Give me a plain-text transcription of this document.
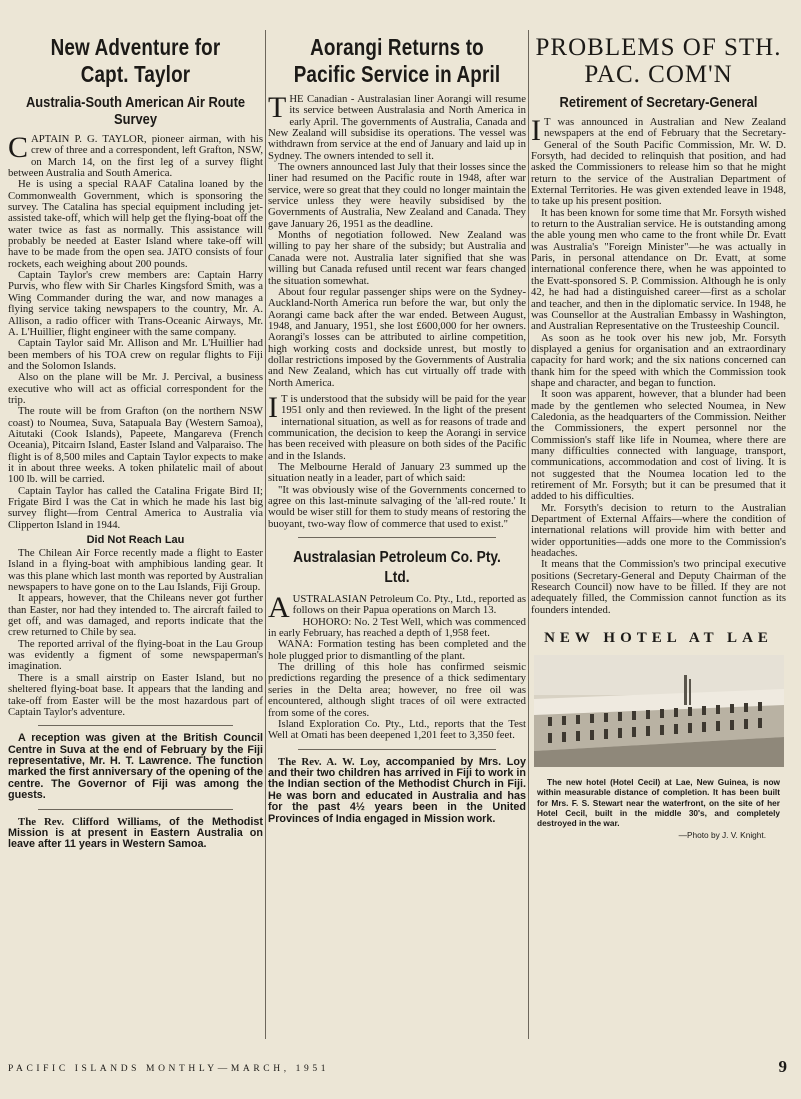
New Adventure for Capt. Taylor
Australia-South American Air Route Survey

CAPTAIN P. G. TAYLOR, pioneer airman, with his crew of three and a correspondent, left Grafton, NSW, on March 14, on the first leg of a survey flight between Australia and South America.

He is using a special RAAF Catalina loaned by the Commonwealth Government, which is sponsoring the survey. The Catalina has special equipment including jet-assisted take-off, which will help get the flying-boat off the water twice as fast as normally. This assistance will probably be needed at Easter Island where take-off will have to be made from the open sea. JATO consists of four rockets, each weighing about 200 pounds.

Captain Taylor's crew members are: Captain Harry Purvis, who flew with Sir Charles Kingsford Smith, was a Wing Commander during the war, and now manages a flying service taking newspapers to the country, Mr. A. Allison, a radio officer with Trans-Oceanic Airways, Mr. A. L'Huillier, flight engineer with the same company.

Captain Taylor said Mr. Allison and Mr. L'Huillier had been members of his TOA crew on regular flights to Fiji and the Solomon Islands.

Also on the plane will be Mr. J. Percival, a business executive who will act as official correspondent for the trip.

The route will be from Grafton (on the northern NSW coast) to Noumea, Suva, Satapuala Bay (Western Samoa), Aitutaki (Cook Islands), Papeete, Mangareva (French Oceania), Pitcairn Island, Easter Island and Valparaiso. The flight is of 8,500 miles and Captain Taylor expects to make it in about three weeks. A token philatelic mail of about 100 lb. will be carried.

Captain Taylor has called the Catalina Frigate Bird II; Frigate Bird I was the Cat in which he made his last big survey flight—from Central America to Australia via Clipperton Island in 1944.

Did Not Reach Lau

The Chilean Air Force recently made a flight to Easter Island in a flying-boat with amphibious landing gear. It was this plane which last month was reported by Australian newspapers to have gone on to the Lau Islands, Fiji Group.

It appears, however, that the Chileans never got further than Easter, nor had they intended to. The aircraft failed to get off, and was damaged, and reports indicate that the crew returned to Chile by sea.

The reported arrival of the flying-boat in the Lau Group was evidently a figment of some newspaperman's imagination.

There is a small airstrip on Easter Island, but no sheltered flying-boat base. It appears that the landing and take-off from Easter will be the most hazardous part of Captain Taylor's adventure.

A reception was given at the British Council Centre in Suva at the end of February by the Fiji representative, Mr. H. T. Lawrence. The function marked the first anniversary of the opening of the centre. The Governor of Fiji was among the guests.

The Rev. Clifford Williams, of the Methodist Mission is at present in Eastern Australia on leave after 11 years in Western Samoa.

Aorangi Returns to Pacific Service in April

THE Canadian - Australasian liner Aorangi will resume its service between Australasia and North America in early April. The governments of Australia, Canada and New Zealand will subsidise its operations. The vessel was withdrawn from service at the end of January and laid up in Sydney. The owners intended to sell it.

The owners announced last July that their losses since the liner had resumed on the Pacific route in 1948, after war service, were so great that they could no longer maintain the service unless they were heavily subsidised by the Governments of Australia, New Zealand and Canada. They gave January 26, 1951 as the deadline.

Months of negotiation followed. New Zealand was willing to pay her share of the subsidy; but Australia and Canada were not. Australia later signified that she was willing but Canada refused until recent war fears changed the situation somewhat.

About four regular passenger ships were on the Sydney-Auckland-North America run before the war, but only the Aorangi came back after the war ended. Between August, 1948, and January, 1951, she lost £600,000 for her owners. Aorangi's losses can be attributed to airline competition, high working costs and dockside unrest, but mostly to dollar restrictions imposed by the Governments of Australia and New Zealand, which has cut virtually off trade with North America.

I T is understood that the subsidy will be paid for the year 1951 only and then reviewed. In the light of the present international situation, as well as for reasons of trade and communication, the decision to keep the Aorangi in service has been received with pleasure on both sides of the Pacific and in the Islands.

The Melbourne Herald of January 23 summed up the situation neatly in a leader, part of which said:

"It was obviously wise of the Governments concerned to agree on this last-minute salvaging of the 'all-red route.' It would be wiser still for them to study means of restoring the buoyant, two-way flow of commerce that used to exist."

Australasian Petroleum Co. Pty. Ltd.

AUSTRALASIAN Petroleum Co. Pty., Ltd., reported as follows on their Papua operations on March 13.

HOHORO: No. 2 Test Well, which was commenced in early February, has reached a depth of 1,958 feet.

WANA: Formation testing has been completed and the hole plugged prior to dismantling of the plant.

The drilling of this hole has confirmed seismic predictions regarding the presence of a thick sedimentary series in the Delta area; however, no free oil was encountered, although slight traces of oil were extracted from some of the cores.

Island Exploration Co. Pty., Ltd., reports that the Test Well at Omati has been deepened 1,201 feet to 3,350 feet.

The Rev. A. W. Loy, accompanied by Mrs. Loy and their two children has arrived in Fiji to work in the Indian section of the Methodist Church in Fiji. He was born and educated in Australia and has for the past 4½ years been in the United Provinces of India engaged in Mission work.

PROBLEMS OF STH. PAC. COM'N
Retirement of Secretary-General

I T was announced in Australian and New Zealand newspapers at the end of February that the Secretary-General of the South Pacific Commission, Mr. W. D. Forsyth, had decided to relinquish that position, and had asked the Commissioners to release him so that he might return to the service of the Australian Department of External Territories. He was given extended leave in 1948, to take up his present position.

It has been known for some time that Mr. Forsyth wished to return to the Australian service. He is outstanding among the able young men who came to the front while Dr. Evatt was Australia's "Foreign Minister"—he was actually in Paris, in personal attendance on Dr. Evatt, at some international conference there, when he was appointed to the Evatt-sponsored S. P. Commission. Although he is only 42, he had had a distinguished career—first as a scholar and teacher, and then in the diplomatic service. In 1948, he was Counsellor at the Australian Embassy in Washington, and Australian Representative on the Trusteeship Council.

As soon as he took over his new job, Mr. Forsyth displayed a genius for organisation and an extraordinary capacity for hard work; and the six nations concerned can thank him for the speed with which the Commission took shape and character, and began to function.

It soon was apparent, however, that a blunder had been made by the gentlemen who selected Noumea, in New Caledonia, as the headquarters of the Commission. Neither the Commissioners, the expert personnel nor the Commission's staff like life in Noumea, where there are many difficulties connected with language, transport, communications, accommodation and cost of living. It is not suggested that the Noumea location led to the retirement of Mr. Forsyth; but it can be presumed that it added to his difficulties.

Mr. Forsyth's decision to return to the Australian Department of External Affairs—where the condition of international relations will provide him with better and wider opportunities—adds one more to the Commission's headaches.

It means that the Commission's two principal executive positions (Secretary-General and Deputy Chairman of the Research Council) now have to be filled. If they are not adequately filled, the Commission cannot function as its founders intended.

NEW HOTEL AT LAE

The new hotel (Hotel Cecil) at Lae, New Guinea, is now within measurable distance of completion. It has been built for Mrs. F. S. Stewart near the waterfront, on the site of her Hotel Cecil, built in the middle 30's, and completely destroyed in the war.

—Photo by J. V. Knight.
PACIFIC ISLANDS MONTHLY—MARCH, 1951	9
